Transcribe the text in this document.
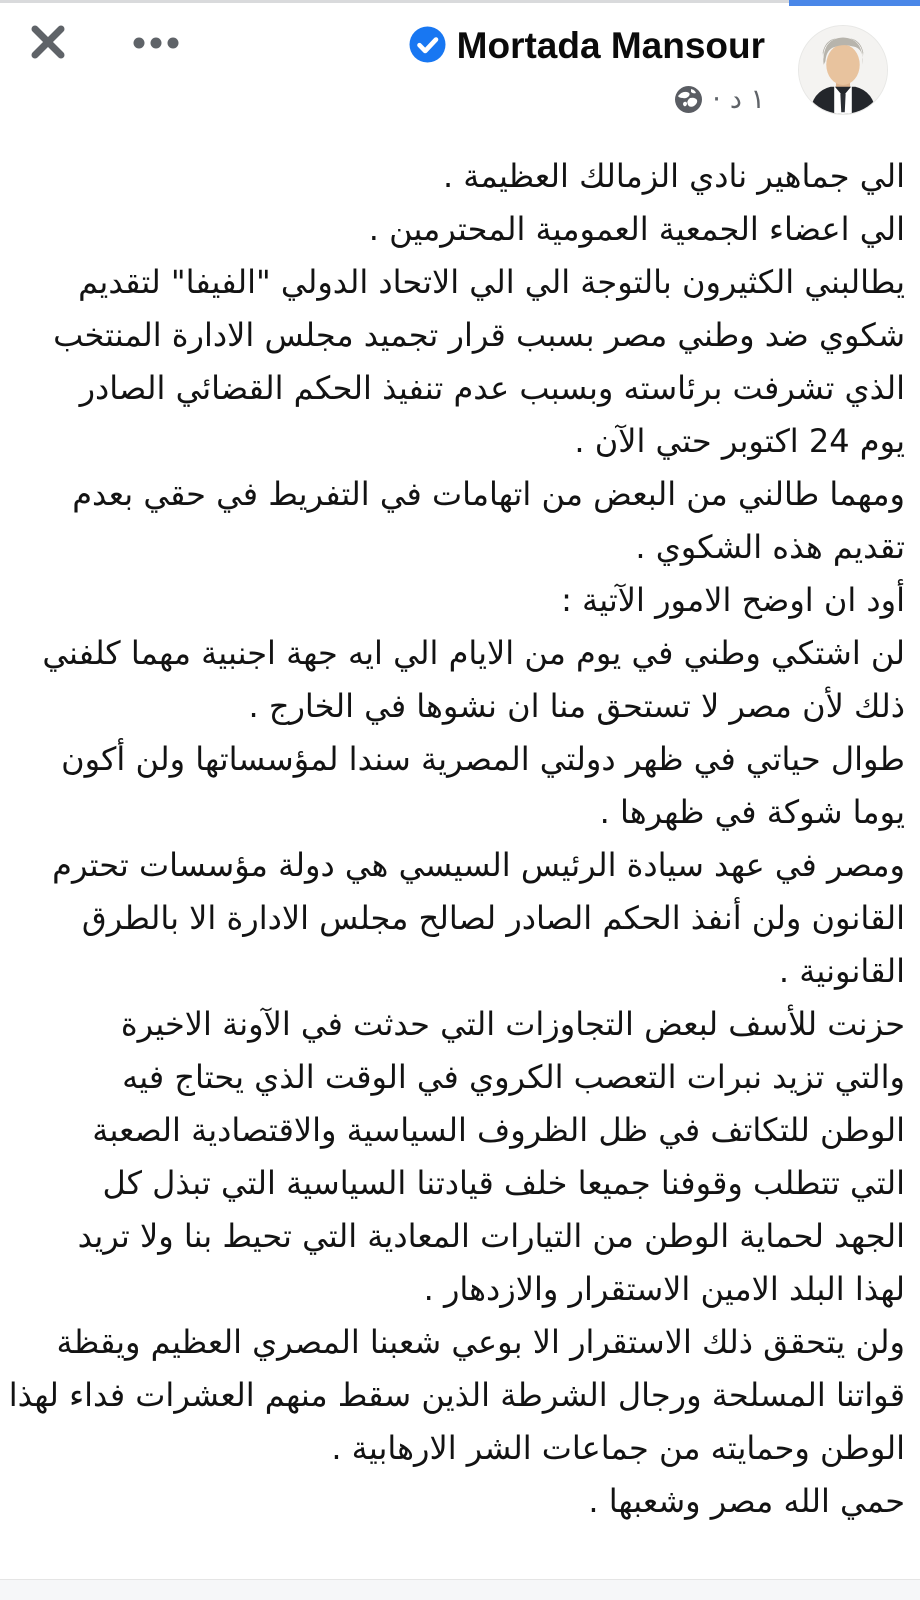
Mortada Mansour
١ د
·
الي جماهير نادي الزمالك العظيمة .
الي اعضاء الجمعية العمومية المحترمين .
يطالبني الكثيرون بالتوجة الي الي الاتحاد الدولي "الفيفا" لتقديم
شكوي ضد وطني مصر بسبب قرار تجميد مجلس الادارة المنتخب
الذي تشرفت برئاسته وبسبب عدم تنفيذ الحكم القضائي الصادر
يوم 24 اكتوبر حتي الآن .
ومهما طالني من البعض من اتهامات في التفريط في حقي بعدم
تقديم هذه الشكوي .
أود ان اوضح الامور الآتية :
لن اشتكي وطني في يوم من الايام الي ايه جهة اجنبية مهما كلفني
ذلك لأن مصر لا تستحق منا ان نشوها في الخارج .
طوال حياتي في ظهر دولتي المصرية سندا لمؤسساتها ولن أكون
يوما شوكة في ظهرها .
ومصر في عهد سيادة الرئيس السيسي هي دولة مؤسسات تحترم
القانون ولن أنفذ الحكم الصادر لصالح مجلس الادارة الا بالطرق
القانونية .
حزنت للأسف لبعض التجاوزات التي حدثت في الآونة الاخيرة
والتي تزيد نبرات التعصب الكروي في الوقت الذي يحتاج فيه
الوطن للتكاتف في ظل الظروف السياسية والاقتصادية الصعبة
التي تتطلب وقوفنا جميعا خلف قيادتنا السياسية التي تبذل كل
الجهد لحماية الوطن من التيارات المعادية التي تحيط بنا ولا تريد
لهذا البلد الامين الاستقرار والازدهار .
ولن يتحقق ذلك الاستقرار الا بوعي شعبنا المصري العظيم ويقظة
قواتنا المسلحة ورجال الشرطة الذين سقط منهم العشرات فداء لهذا
الوطن وحمايته من جماعات الشر الارهابية .
حمي الله مصر وشعبها .
